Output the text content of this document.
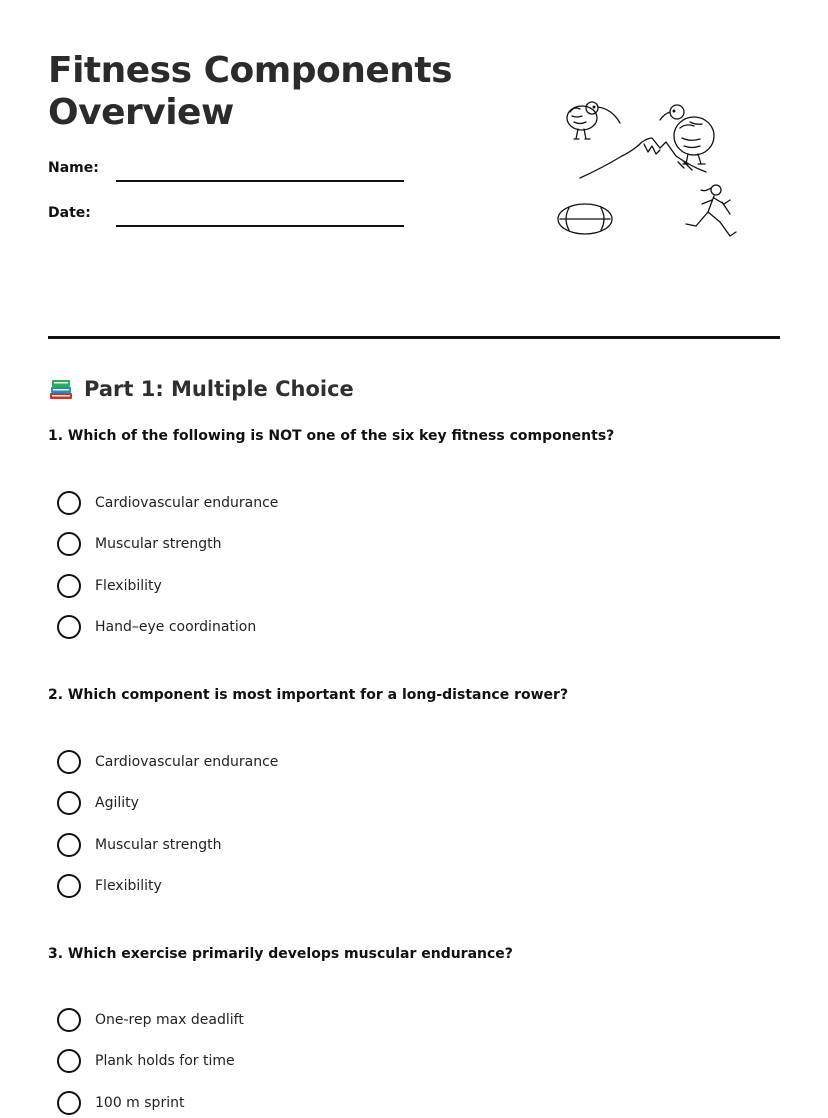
Fitness Components
Overview
Name:
Date:
Part 1: Multiple Choice
1. Which of the following is NOT one of the six key fitness components?
Cardiovascular endurance
Muscular strength
Flexibility
Hand–eye coordination
2. Which component is most important for a long-distance rower?
Cardiovascular endurance
Agility
Muscular strength
Flexibility
3. Which exercise primarily develops muscular endurance?
One-rep max deadlift
Plank holds for time
100 m sprint
